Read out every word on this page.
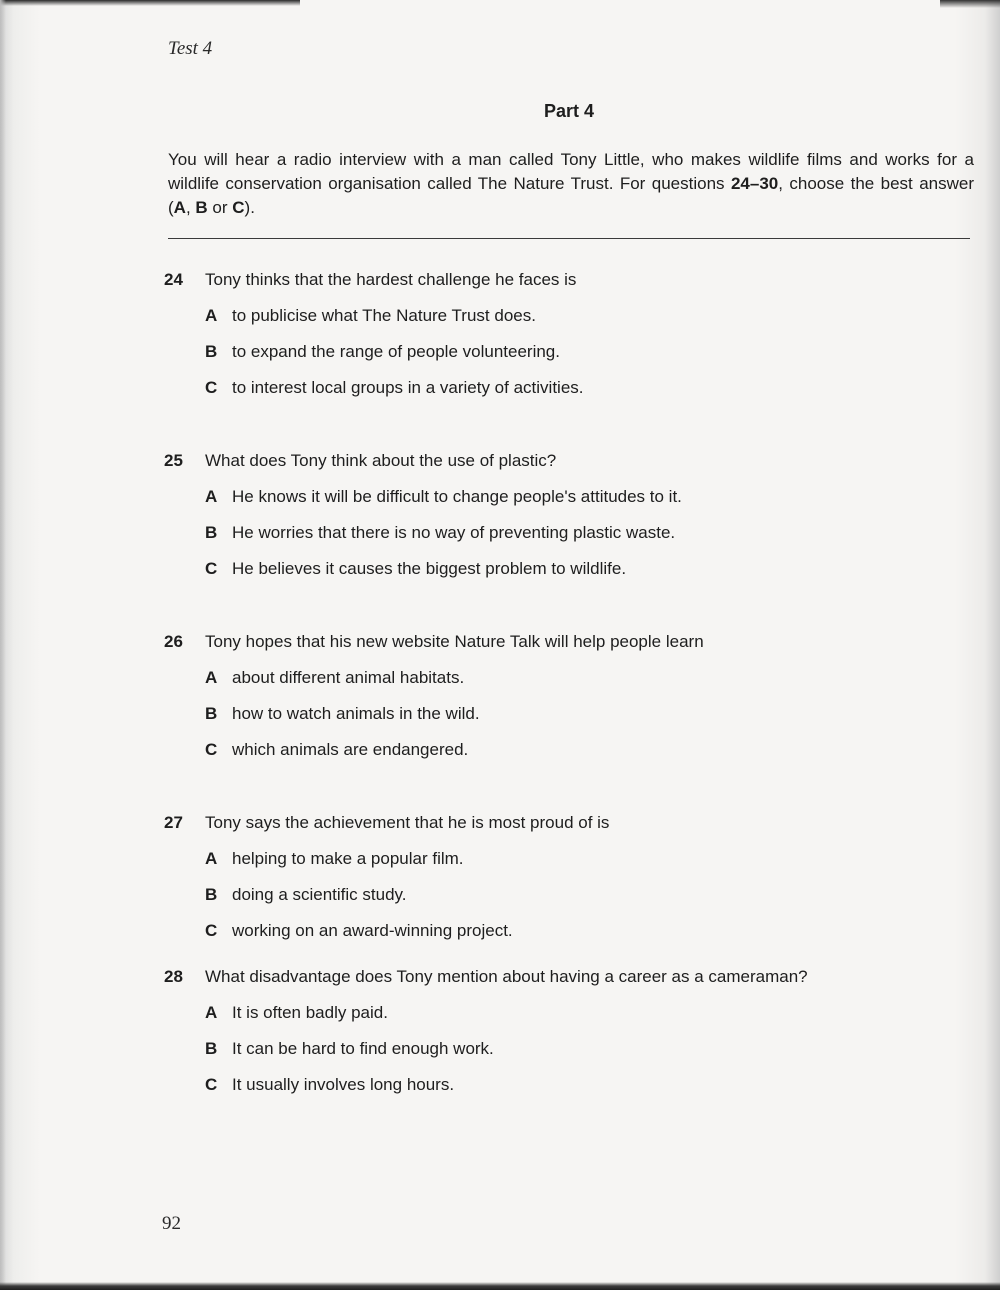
Test 4
Part 4
You will hear a radio interview with a man called Tony Little, who makes wildlife films and works for a wildlife conservation organisation called The Nature Trust. For questions 24–30, choose the best answer (A, B or C).
24 Tony thinks that the hardest challenge he faces is
A to publicise what The Nature Trust does.
B to expand the range of people volunteering.
C to interest local groups in a variety of activities.
25 What does Tony think about the use of plastic?
A He knows it will be difficult to change people's attitudes to it.
B He worries that there is no way of preventing plastic waste.
C He believes it causes the biggest problem to wildlife.
26 Tony hopes that his new website Nature Talk will help people learn
A about different animal habitats.
B how to watch animals in the wild.
C which animals are endangered.
27 Tony says the achievement that he is most proud of is
A helping to make a popular film.
B doing a scientific study.
C working on an award-winning project.
28 What disadvantage does Tony mention about having a career as a cameraman?
A It is often badly paid.
B It can be hard to find enough work.
C It usually involves long hours.
92
